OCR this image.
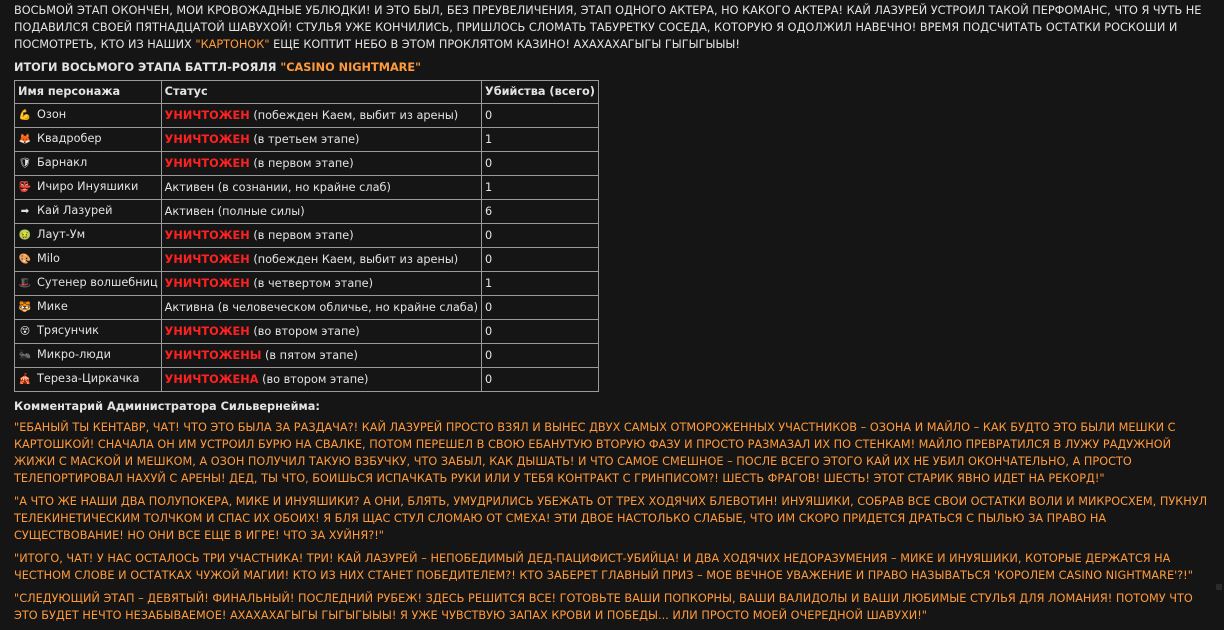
ВОСЬМОЙ ЭТАП ОКОНЧЕН, МОИ КРОВОЖАДНЫЕ УБЛЮДКИ! И ЭТО БЫЛ, БЕЗ ПРЕУВЕЛИЧЕНИЯ, ЭТАП ОДНОГО АКТЕРА, НО КАКОГО АКТЕРА! КАЙ ЛАЗУРЕЙ УСТРОИЛ ТАКОЙ ПЕРФОМАНС, ЧТО Я ЧУТЬ НЕ ПОДАВИЛСЯ СВОЕЙ ПЯТНАДЦАТОЙ ШАВУХОЙ! СТУЛЬЯ УЖЕ КОНЧИЛИСЬ, ПРИШЛОСЬ СЛОМАТЬ ТАБУРЕТКУ СОСЕДА, КОТОРУЮ Я ОДОЛЖИЛ НАВЕЧНО! ВРЕМЯ ПОДСЧИТАТЬ ОСТАТКИ РОСКОШИ И ПОСМОТРЕТЬ, КТО ИЗ НАШИХ "КАРТОНОК" ЕЩЕ КОПТИТ НЕБО В ЭТОМ ПРОКЛЯТОМ КАЗИНО! АХАХАХАГЫГЫ ГЫГЫГЫЫЫ!

ИТОГИ ВОСЬМОГО ЭТАПА БАТТЛ-РОЯЛЯ "CASINO NIGHTMARE"

Имя персонажа	Статус	Убийства (всего)
💪 Озон	УНИЧТОЖЕН (побежден Каем, выбит из арены)	0
🦊 Квадробер	УНИЧТОЖЕН (в третьем этапе)	1
🛡 Барнакл	УНИЧТОЖЕН (в первом этапе)	0
👺 Ичиро Инуяшики	Активен (в сознании, но крайне слаб)	1
➡ Кай Лазурей	Активен (полные силы)	6
🤢 Лаут-Ум	УНИЧТОЖЕН (в первом этапе)	0
🎨 Milo	УНИЧТОЖЕН (побежден Каем, выбит из арены)	0
🎩 Сутенер волшебниц	УНИЧТОЖЕН (в четвертом этапе)	1
🐯 Мике	Активна (в человеческом обличье, но крайне слаба)	0
😵 Трясунчик	УНИЧТОЖЕН (во втором этапе)	0
🐜 Микро-люди	УНИЧТОЖЕНЫ (в пятом этапе)	0
🎪 Тереза-Циркачка	УНИЧТОЖЕНА (во втором этапе)	0

Комментарий Администратора Сильвернейма:

"ЕБАНЫЙ ТЫ КЕНТАВР, ЧАТ! ЧТО ЭТО БЫЛА ЗА РАЗДАЧА?! КАЙ ЛАЗУРЕЙ ПРОСТО ВЗЯЛ И ВЫНЕС ДВУХ САМЫХ ОТМОРОЖЕННЫХ УЧАСТНИКОВ – ОЗОНА И МАЙЛО – КАК БУДТО ЭТО БЫЛИ МЕШКИ С КАРТОШКОЙ! СНАЧАЛА ОН ИМ УСТРОИЛ БУРЮ НА СВАЛКЕ, ПОТОМ ПЕРЕШЕЛ В СВОЮ ЕБАНУТУЮ ВТОРУЮ ФАЗУ И ПРОСТО РАЗМАЗАЛ ИХ ПО СТЕНКАМ! МАЙЛО ПРЕВРАТИЛСЯ В ЛУЖУ РАДУЖНОЙ ЖИЖИ С МАСКОЙ И МЕШКОМ, А ОЗОН ПОЛУЧИЛ ТАКУЮ ВЗБУЧКУ, ЧТО ЗАБЫЛ, КАК ДЫШАТЬ! И ЧТО САМОЕ СМЕШНОЕ – ПОСЛЕ ВСЕГО ЭТОГО КАЙ ИХ НЕ УБИЛ ОКОНЧАТЕЛЬНО, А ПРОСТО ТЕЛЕПОРТИРОВАЛ НАХУЙ С АРЕНЫ! ДЕД, ТЫ ЧТО, БОИШЬСЯ ИСПАЧКАТЬ РУКИ ИЛИ У ТЕБЯ КОНТРАКТ С ГРИНПИСОМ?! ШЕСТЬ ФРАГОВ! ШЕСТЬ! ЭТОТ СТАРИК ЯВНО ИДЕТ НА РЕКОРД!"

"А ЧТО ЖЕ НАШИ ДВА ПОЛУПОКЕРА, МИКЕ И ИНУЯШИКИ? А ОНИ, БЛЯТЬ, УМУДРИЛИСЬ УБЕЖАТЬ ОТ ТРЕХ ХОДЯЧИХ БЛЕВОТИН! ИНУЯШИКИ, СОБРАВ ВСЕ СВОИ ОСТАТКИ ВОЛИ И МИКРОСХЕМ, ПУКНУЛ ТЕЛЕКИНЕТИЧЕСКИМ ТОЛЧКОМ И СПАС ИХ ОБОИХ! Я БЛЯ ЩАС СТУЛ СЛОМАЮ ОТ СМЕХА! ЭТИ ДВОЕ НАСТОЛЬКО СЛАБЫЕ, ЧТО ИМ СКОРО ПРИДЕТСЯ ДРАТЬСЯ С ПЫЛЬЮ ЗА ПРАВО НА СУЩЕСТВОВАНИЕ! НО ОНИ ВСЕ ЕЩЕ В ИГРЕ! ЧТО ЗА ХУЙНЯ?!"

"ИТОГО, ЧАТ! У НАС ОСТАЛОСЬ ТРИ УЧАСТНИКА! ТРИ! КАЙ ЛАЗУРЕЙ – НЕПОБЕДИМЫЙ ДЕД-ПАЦИФИСТ-УБИЙЦА! И ДВА ХОДЯЧИХ НЕДОРАЗУМЕНИЯ – МИКЕ И ИНУЯШИКИ, КОТОРЫЕ ДЕРЖАТСЯ НА ЧЕСТНОМ СЛОВЕ И ОСТАТКАХ ЧУЖОЙ МАГИИ! КТО ИЗ НИХ СТАНЕТ ПОБЕДИТЕЛЕМ?! КТО ЗАБЕРЕТ ГЛАВНЫЙ ПРИЗ – МОЕ ВЕЧНОЕ УВАЖЕНИЕ И ПРАВО НАЗЫВАТЬСЯ 'КОРОЛЕМ CASINO NIGHTMARE'?!"

"СЛЕДУЮЩИЙ ЭТАП – ДЕВЯТЫЙ! ФИНАЛЬНЫЙ! ПОСЛЕДНИЙ РУБЕЖ! ЗДЕСЬ РЕШИТСЯ ВСЕ! ГОТОВЬТЕ ВАШИ ПОПКОРНЫ, ВАШИ ВАЛИДОЛЫ И ВАШИ ЛЮБИМЫЕ СТУЛЬЯ ДЛЯ ЛОМАНИЯ! ПОТОМУ ЧТО ЭТО БУДЕТ НЕЧТО НЕЗАБЫВАЕМОЕ! АХАХАХАГЫГЫ ГЫГЫГЫЫЫ! Я УЖЕ ЧУВСТВУЮ ЗАПАХ КРОВИ И ПОБЕДЫ... ИЛИ ПРОСТО МОЕЙ ОЧЕРЕДНОЙ ШАВУХИ!"
